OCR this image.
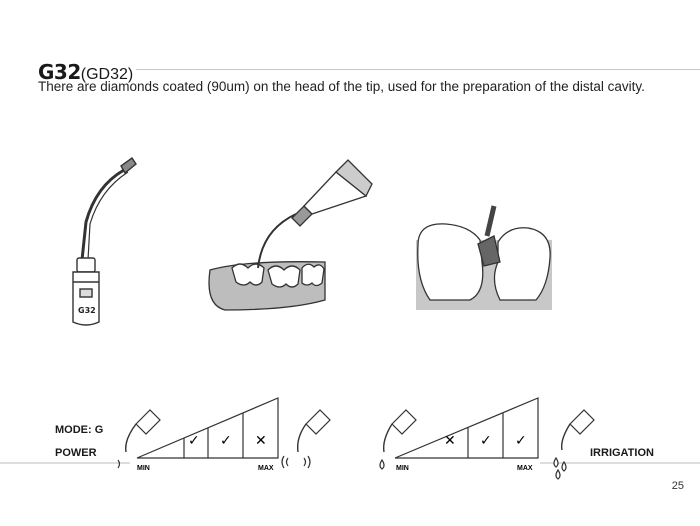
G32(GD32)
There are diamonds coated (90um) on the head of the tip, used for the preparation of the distal cavity.
G32
MODE: G
POWER	IRRIGATION
✓ ✓ ✕
MIN	MAX
✕ ✓ ✓
MIN	MAX
25
